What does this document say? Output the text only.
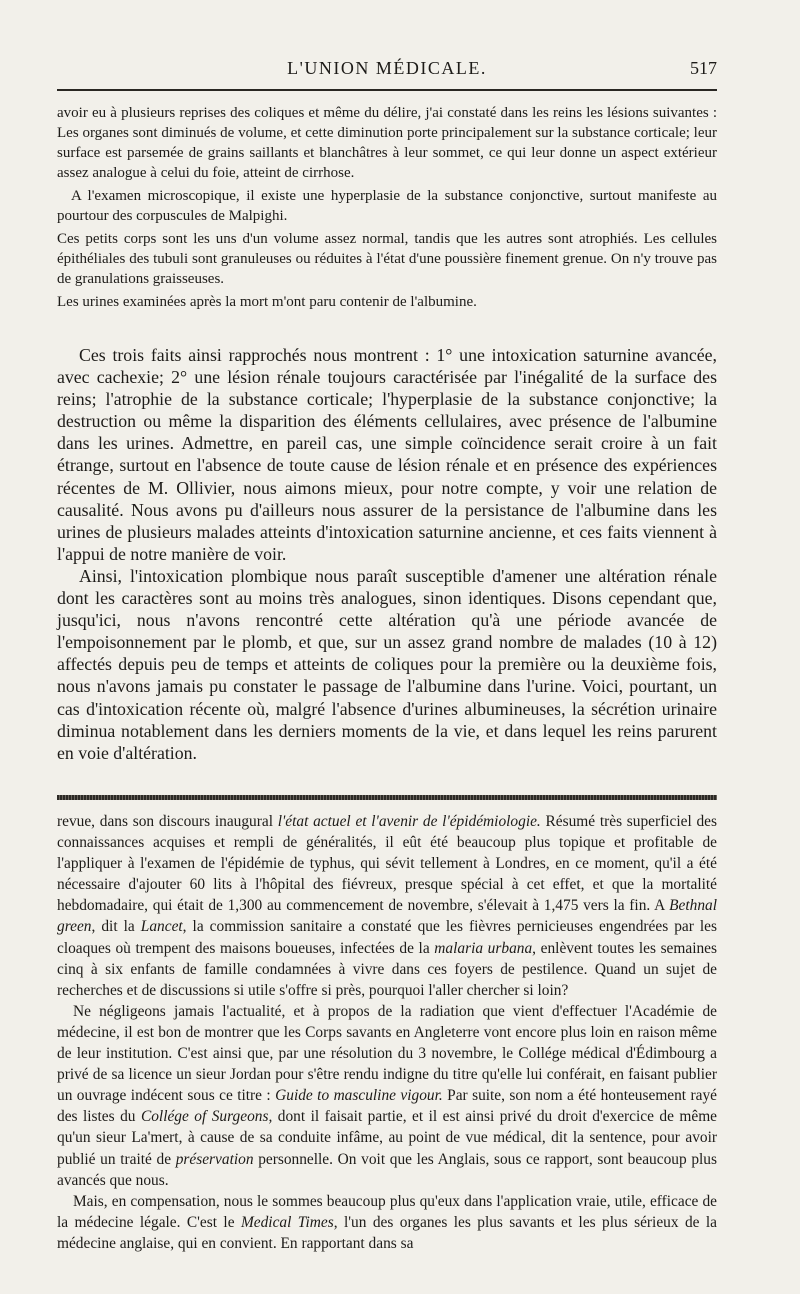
L'UNION MÉDICALE.	517

avoir eu à plusieurs reprises des coliques et même du délire, j'ai constaté dans les reins les lésions suivantes : Les organes sont diminués de volume, et cette diminution porte principalement sur la substance corticale; leur surface est parsemée de grains saillants et blanchâtres à leur sommet, ce qui leur donne un aspect extérieur assez analogue à celui du foie, atteint de cirrhose.

A l'examen microscopique, il existe une hyperplasie de la substance conjonctive, surtout manifeste au pourtour des corpuscules de Malpighi.

Ces petits corps sont les uns d'un volume assez normal, tandis que les autres sont atrophiés. Les cellules épithéliales des tubuli sont granuleuses ou réduites à l'état d'une poussière finement grenue. On n'y trouve pas de granulations graisseuses.

Les urines examinées après la mort m'ont paru contenir de l'albumine.

Ces trois faits ainsi rapprochés nous montrent : 1° une intoxication saturnine avancée, avec cachexie; 2° une lésion rénale toujours caractérisée par l'inégalité de la surface des reins; l'atrophie de la substance corticale; l'hyperplasie de la substance conjonctive; la destruction ou même la disparition des éléments cellulaires, avec présence de l'albumine dans les urines. Admettre, en pareil cas, une simple coïncidence serait croire à un fait étrange, surtout en l'absence de toute cause de lésion rénale et en présence des expériences récentes de M. Ollivier, nous aimons mieux, pour notre compte, y voir une relation de causalité. Nous avons pu d'ailleurs nous assurer de la persistance de l'albumine dans les urines de plusieurs malades atteints d'intoxication saturnine ancienne, et ces faits viennent à l'appui de notre manière de voir.

Ainsi, l'intoxication plombique nous paraît susceptible d'amener une altération rénale dont les caractères sont au moins très analogues, sinon identiques. Disons cependant que, jusqu'ici, nous n'avons rencontré cette altération qu'à une période avancée de l'empoisonnement par le plomb, et que, sur un assez grand nombre de malades (10 à 12) affectés depuis peu de temps et atteints de coliques pour la première ou la deuxième fois, nous n'avons jamais pu constater le passage de l'albumine dans l'urine. Voici, pourtant, un cas d'intoxication récente où, malgré l'absence d'urines albumineuses, la sécrétion urinaire diminua notablement dans les derniers moments de la vie, et dans lequel les reins parurent en voie d'altération.

revue, dans son discours inaugural l'état actuel et l'avenir de l'épidémiologie. Résumé très superficiel des connaissances acquises et rempli de généralités, il eût été beaucoup plus topique et profitable de l'appliquer à l'examen de l'épidémie de typhus, qui sévit tellement à Londres, en ce moment, qu'il a été nécessaire d'ajouter 60 lits à l'hôpital des fiévreux, presque spécial à cet effet, et que la mortalité hebdomadaire, qui était de 1,300 au commencement de novembre, s'élevait à 1,475 vers la fin. A Bethnal green, dit la Lancet, la commission sanitaire a constaté que les fièvres pernicieuses engendrées par les cloaques où trempent des maisons boueuses, infectées de la malaria urbana, enlèvent toutes les semaines cinq à six enfants de famille condamnées à vivre dans ces foyers de pestilence. Quand un sujet de recherches et de discussions si utile s'offre si près, pourquoi l'aller chercher si loin?

Ne négligeons jamais l'actualité, et à propos de la radiation que vient d'effectuer l'Académie de médecine, il est bon de montrer que les Corps savants en Angleterre vont encore plus loin en raison même de leur institution. C'est ainsi que, par une résolution du 3 novembre, le Collége médical d'Édimbourg a privé de sa licence un sieur Jordan pour s'être rendu indigne du titre qu'elle lui conférait, en faisant publier un ouvrage indécent sous ce titre : Guide to masculine vigour. Par suite, son nom a été honteusement rayé des listes du Collége of Surgeons, dont il faisait partie, et il est ainsi privé du droit d'exercice de même qu'un sieur La'mert, à cause de sa conduite infâme, au point de vue médical, dit la sentence, pour avoir publié un traité de préservation personnelle. On voit que les Anglais, sous ce rapport, sont beaucoup plus avancés que nous.

Mais, en compensation, nous le sommes beaucoup plus qu'eux dans l'application vraie, utile, efficace de la médecine légale. C'est le Medical Times, l'un des organes les plus savants et les plus sérieux de la médecine anglaise, qui en convient. En rapportant dans sa
